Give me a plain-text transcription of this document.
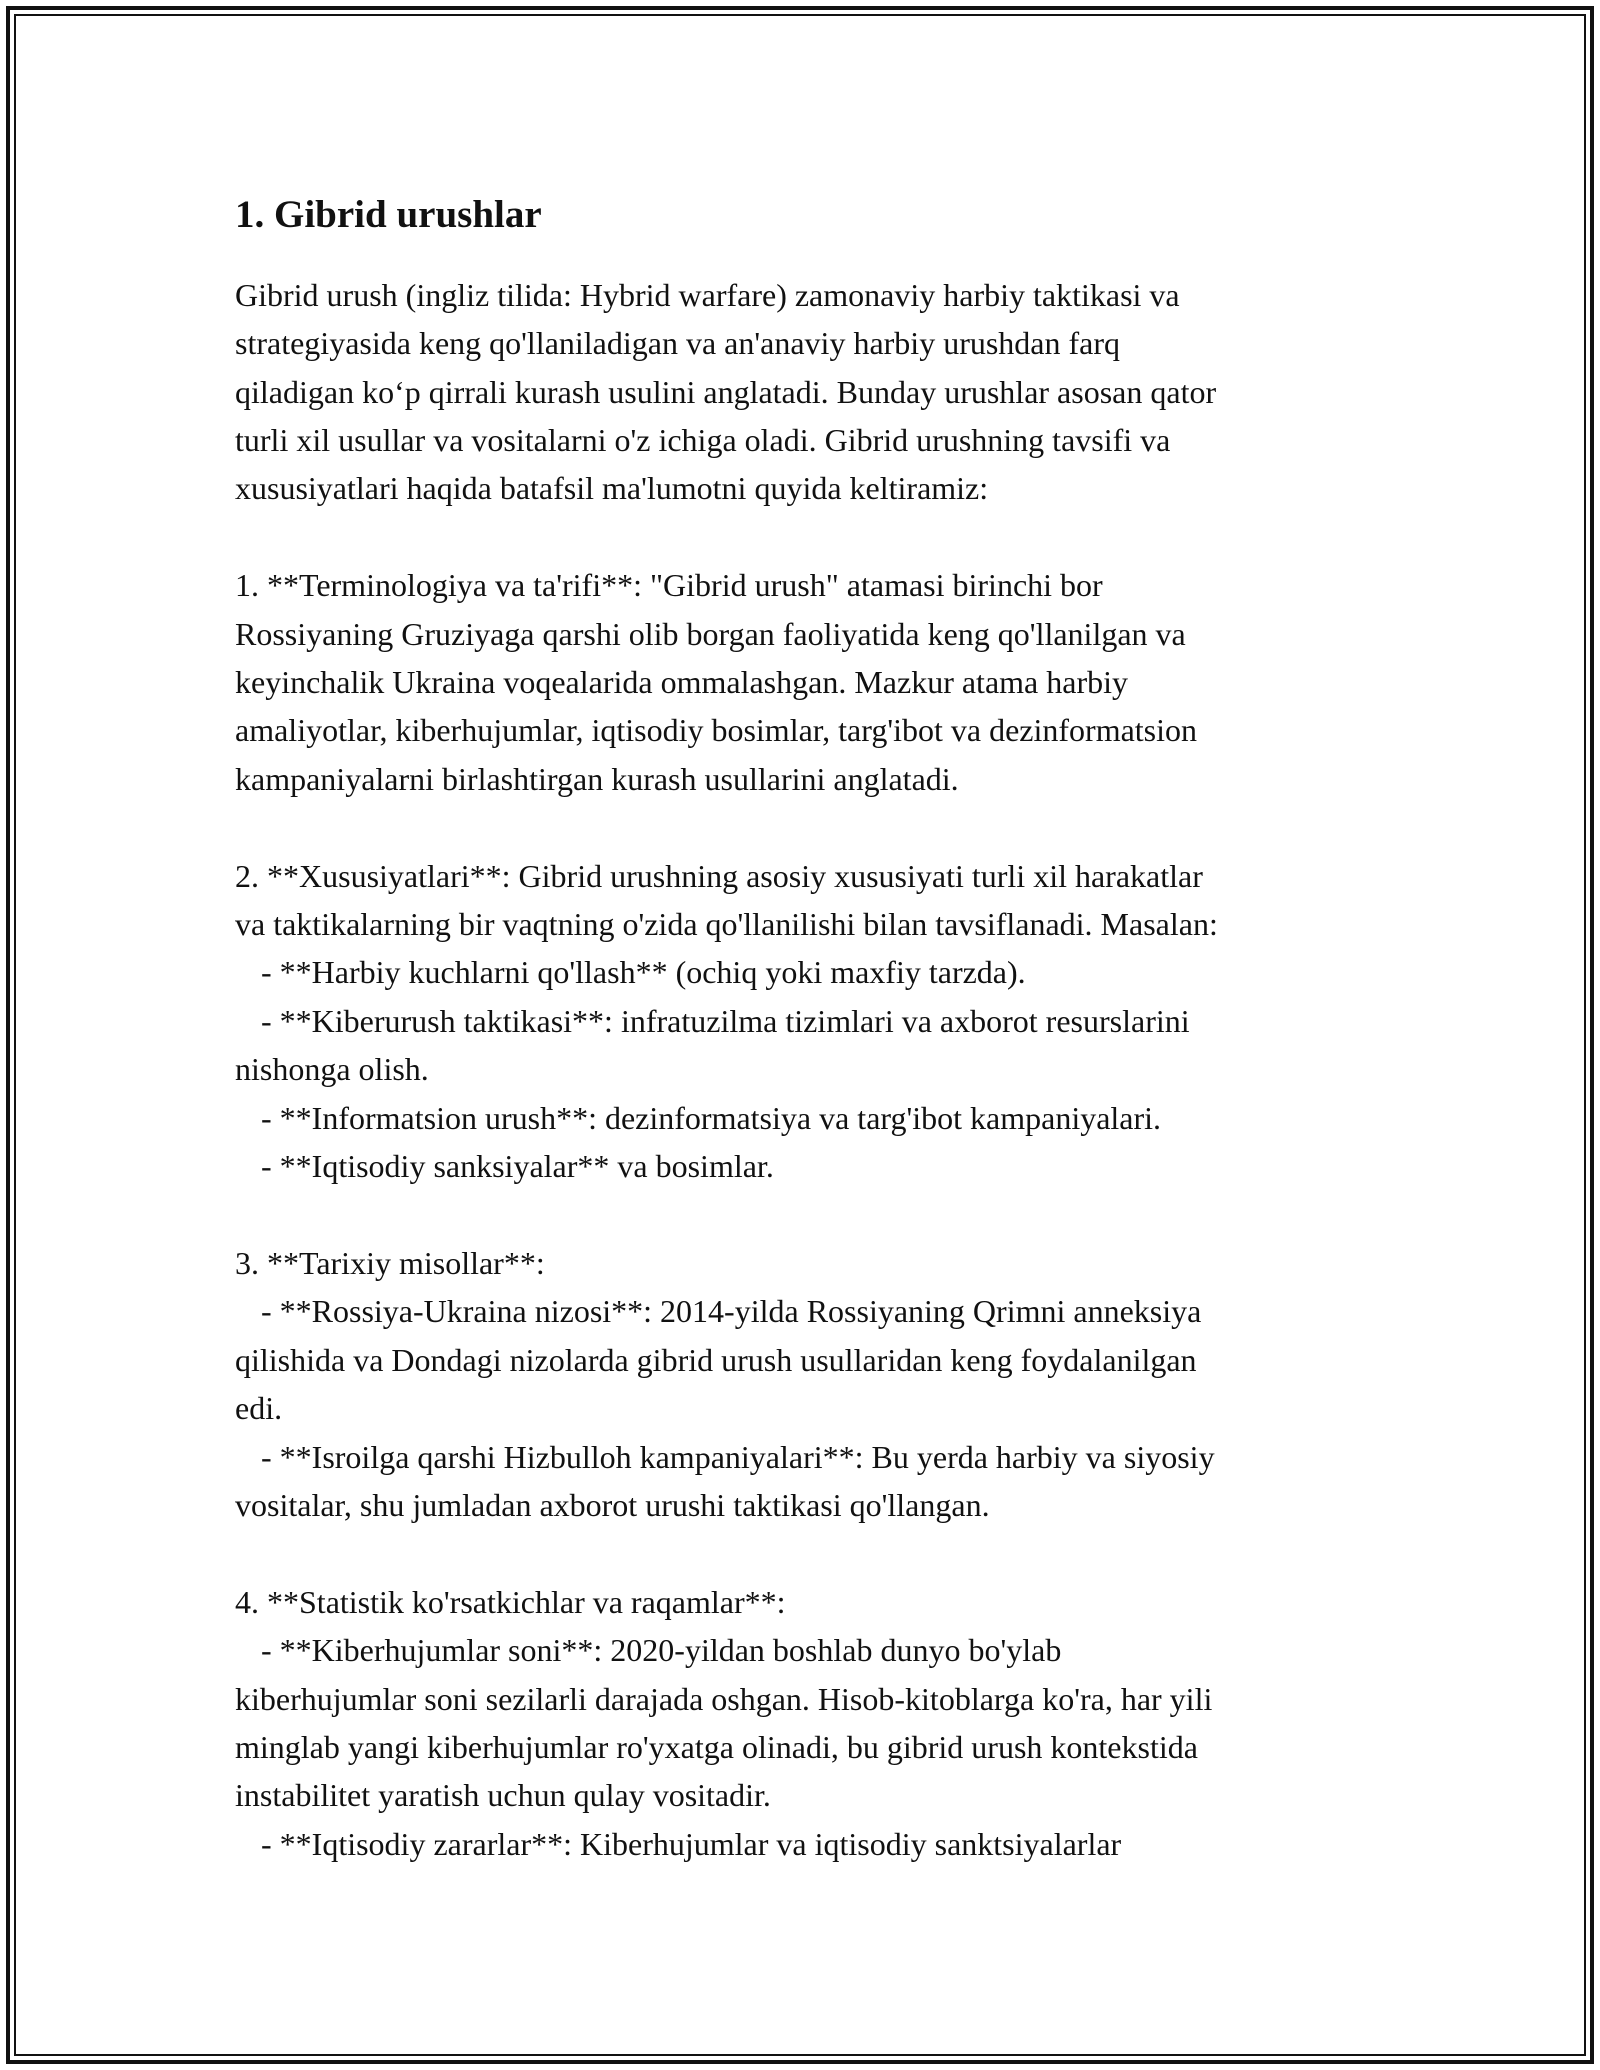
1. Gibrid urushlar
Gibrid urush (ingliz tilida: Hybrid warfare) zamonaviy harbiy taktikasi va
strategiyasida keng qo'llaniladigan va an'anaviy harbiy urushdan farq
qiladigan ko‘p qirrali kurash usulini anglatadi. Bunday urushlar asosan qator
turli xil usullar va vositalarni o'z ichiga oladi. Gibrid urushning tavsifi va
xususiyatlari haqida batafsil ma'lumotni quyida keltiramiz:
1. **Terminologiya va ta'rifi**: "Gibrid urush" atamasi birinchi bor
Rossiyaning Gruziyaga qarshi olib borgan faoliyatida keng qo'llanilgan va
keyinchalik Ukraina voqealarida ommalashgan. Mazkur atama harbiy
amaliyotlar, kiberhujumlar, iqtisodiy bosimlar, targ'ibot va dezinformatsion
kampaniyalarni birlashtirgan kurash usullarini anglatadi.
2. **Xususiyatlari**: Gibrid urushning asosiy xususiyati turli xil harakatlar
va taktikalarning bir vaqtning o'zida qo'llanilishi bilan tavsiflanadi. Masalan:
- **Harbiy kuchlarni qo'llash** (ochiq yoki maxfiy tarzda).
- **Kiberurush taktikasi**: infratuzilma tizimlari va axborot resurslarini
nishonga olish.
- **Informatsion urush**: dezinformatsiya va targ'ibot kampaniyalari.
- **Iqtisodiy sanksiyalar** va bosimlar.
3. **Tarixiy misollar**:
- **Rossiya-Ukraina nizosi**: 2014-yilda Rossiyaning Qrimni anneksiya
qilishida va Dondagi nizolarda gibrid urush usullaridan keng foydalanilgan
edi.
- **Isroilga qarshi Hizbulloh kampaniyalari**: Bu yerda harbiy va siyosiy
vositalar, shu jumladan axborot urushi taktikasi qo'llangan.
4. **Statistik ko'rsatkichlar va raqamlar**:
- **Kiberhujumlar soni**: 2020-yildan boshlab dunyo bo'ylab
kiberhujumlar soni sezilarli darajada oshgan. Hisob-kitoblarga ko'ra, har yili
minglab yangi kiberhujumlar ro'yxatga olinadi, bu gibrid urush kontekstida
instabilitet yaratish uchun qulay vositadir.
- **Iqtisodiy zararlar**: Kiberhujumlar va iqtisodiy sanktsiyalarlar
